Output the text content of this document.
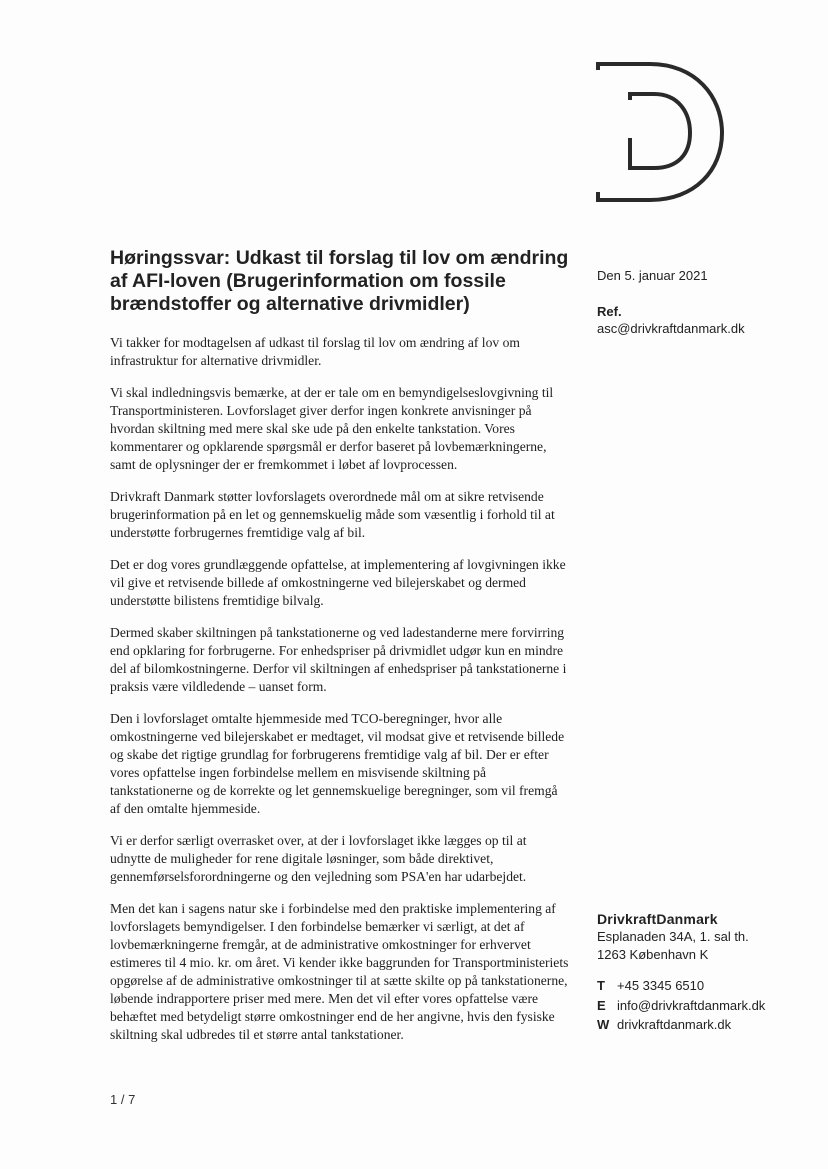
Høringssvar: Udkast til forslag til lov om ændring af AFI-loven (Brugerinformation om fossile brændstoffer og alternative drivmidler)

Vi takker for modtagelsen af udkast til forslag til lov om ændring af lov om infrastruktur for alternative drivmidler.

Vi skal indledningsvis bemærke, at der er tale om en bemyndigelseslovgivning til Transportministeren. Lovforslaget giver derfor ingen konkrete anvisninger på hvordan skiltning med mere skal ske ude på den enkelte tankstation. Vores kommentarer og opklarende spørgsmål er derfor baseret på lovbemærkningerne, samt de oplysninger der er fremkommet i løbet af lovprocessen.

Drivkraft Danmark støtter lovforslagets overordnede mål om at sikre retvisende brugerinformation på en let og gennemskuelig måde som væsentlig i forhold til at understøtte forbrugernes fremtidige valg af bil.

Det er dog vores grundlæggende opfattelse, at implementering af lovgivningen ikke vil give et retvisende billede af omkostningerne ved bilejerskabet og dermed understøtte bilistens fremtidige bilvalg.

Dermed skaber skiltningen på tankstationerne og ved ladestanderne mere forvirring end opklaring for forbrugerne. For enhedspriser på drivmidlet udgør kun en mindre del af bilomkostningerne. Derfor vil skiltningen af enhedspriser på tankstationerne i praksis være vildledende – uanset form.

Den i lovforslaget omtalte hjemmeside med TCO-beregninger, hvor alle omkostningerne ved bilejerskabet er medtaget, vil modsat give et retvisende billede og skabe det rigtige grundlag for forbrugerens fremtidige valg af bil. Der er efter vores opfattelse ingen forbindelse mellem en misvisende skiltning på tankstationerne og de korrekte og let gennemskuelige beregninger, som vil fremgå af den omtalte hjemmeside.

Vi er derfor særligt overrasket over, at der i lovforslaget ikke lægges op til at udnytte de muligheder for rene digitale løsninger, som både direktivet, gennemførselsforordningerne og den vejledning som PSA'en har udarbejdet.

Men det kan i sagens natur ske i forbindelse med den praktiske implementering af lovforslagets bemyndigelser. I den forbindelse bemærker vi særligt, at det af lovbemærkningerne fremgår, at de administrative omkostninger for erhvervet estimeres til 4 mio. kr. om året. Vi kender ikke baggrunden for Transportministeriets opgørelse af de administrative omkostninger til at sætte skilte op på tankstationerne, løbende indrapportere priser med mere. Men det vil efter vores opfattelse være behæftet med betydeligt større omkostninger end de her angivne, hvis den fysiske skiltning skal udbredes til et større antal tankstationer.

Den 5. januar 2021
Ref.
asc@drivkraftdanmark.dk
DrivkraftDanmark
Esplanaden 34A, 1. sal th.
1263 København K
T +45 3345 6510
E info@drivkraftdanmark.dk
W drivkraftdanmark.dk
1 / 7
